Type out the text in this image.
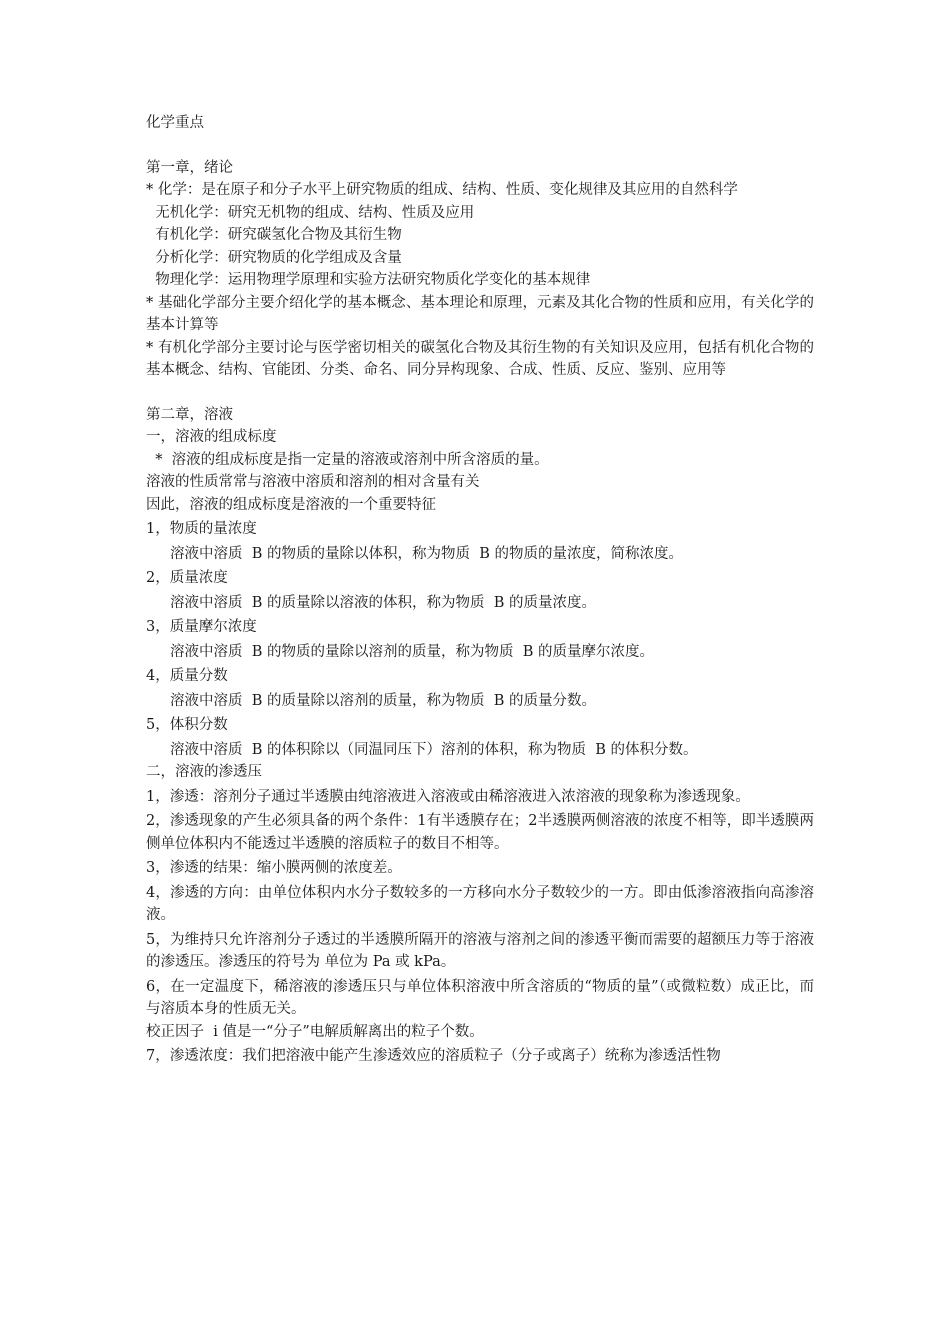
化学重点
第一章，绪论
* 化学：是在原子和分子水平上研究物质的组成、结构、性质、变化规律及其应用的自然科学
无机化学：研究无机物的组成、结构、性质及应用
有机化学：研究碳氢化合物及其衍生物
分析化学：研究物质的化学组成及含量
物理化学：运用物理学原理和实验方法研究物质化学变化的基本规律
* 基础化学部分主要介绍化学的基本概念、基本理论和原理，元素及其化合物的性质和应用，有关化学的基本计算等
* 有机化学部分主要讨论与医学密切相关的碳氢化合物及其衍生物的有关知识及应用，包括有机化合物的基本概念、结构、官能团、分类、命名、同分异构现象、合成、性质、反应、鉴别、应用等
第二章，溶液
一，溶液的组成标度
*  溶液的组成标度是指一定量的溶液或溶剂中所含溶质的量。
溶液的性质常常与溶液中溶质和溶剂的相对含量有关
因此，溶液的组成标度是溶液的一个重要特征
1，物质的量浓度
溶液中溶质  B 的物质的量除以体积，称为物质  B 的物质的量浓度，简称浓度。
2，质量浓度
溶液中溶质  B 的质量除以溶液的体积，称为物质  B 的质量浓度。
3，质量摩尔浓度
溶液中溶质  B 的物质的量除以溶剂的质量，称为物质  B 的质量摩尔浓度。
4，质量分数
溶液中溶质  B 的质量除以溶剂的质量，称为物质  B 的质量分数。
5，体积分数
溶液中溶质  B 的体积除以（同温同压下）溶剂的体积，称为物质  B 的体积分数。
二，溶液的渗透压
1，渗透：溶剂分子通过半透膜由纯溶液进入溶液或由稀溶液进入浓溶液的现象称为渗透现象。
2，渗透现象的产生必须具备的两个条件：1有半透膜存在；2半透膜两侧溶液的浓度不相等，即半透膜两侧单位体积内不能透过半透膜的溶质粒子的数目不相等。
3，渗透的结果：缩小膜两侧的浓度差。
4，渗透的方向：由单位体积内水分子数较多的一方移向水分子数较少的一方。即由低渗溶液指向高渗溶液。
5，为维持只允许溶剂分子透过的半透膜所隔开的溶液与溶剂之间的渗透平衡而需要的超额压力等于溶液的渗透压。渗透压的符号为 单位为 Pa 或 kPa。
6，在一定温度下，稀溶液的渗透压只与单位体积溶液中所含溶质的“物质的量”（或微粒数）成正比，而与溶质本身的性质无关。
校正因子  i 值是一“分子”电解质解离出的粒子个数。
7，渗透浓度：我们把溶液中能产生渗透效应的溶质粒子（分子或离子）统称为渗透活性物
